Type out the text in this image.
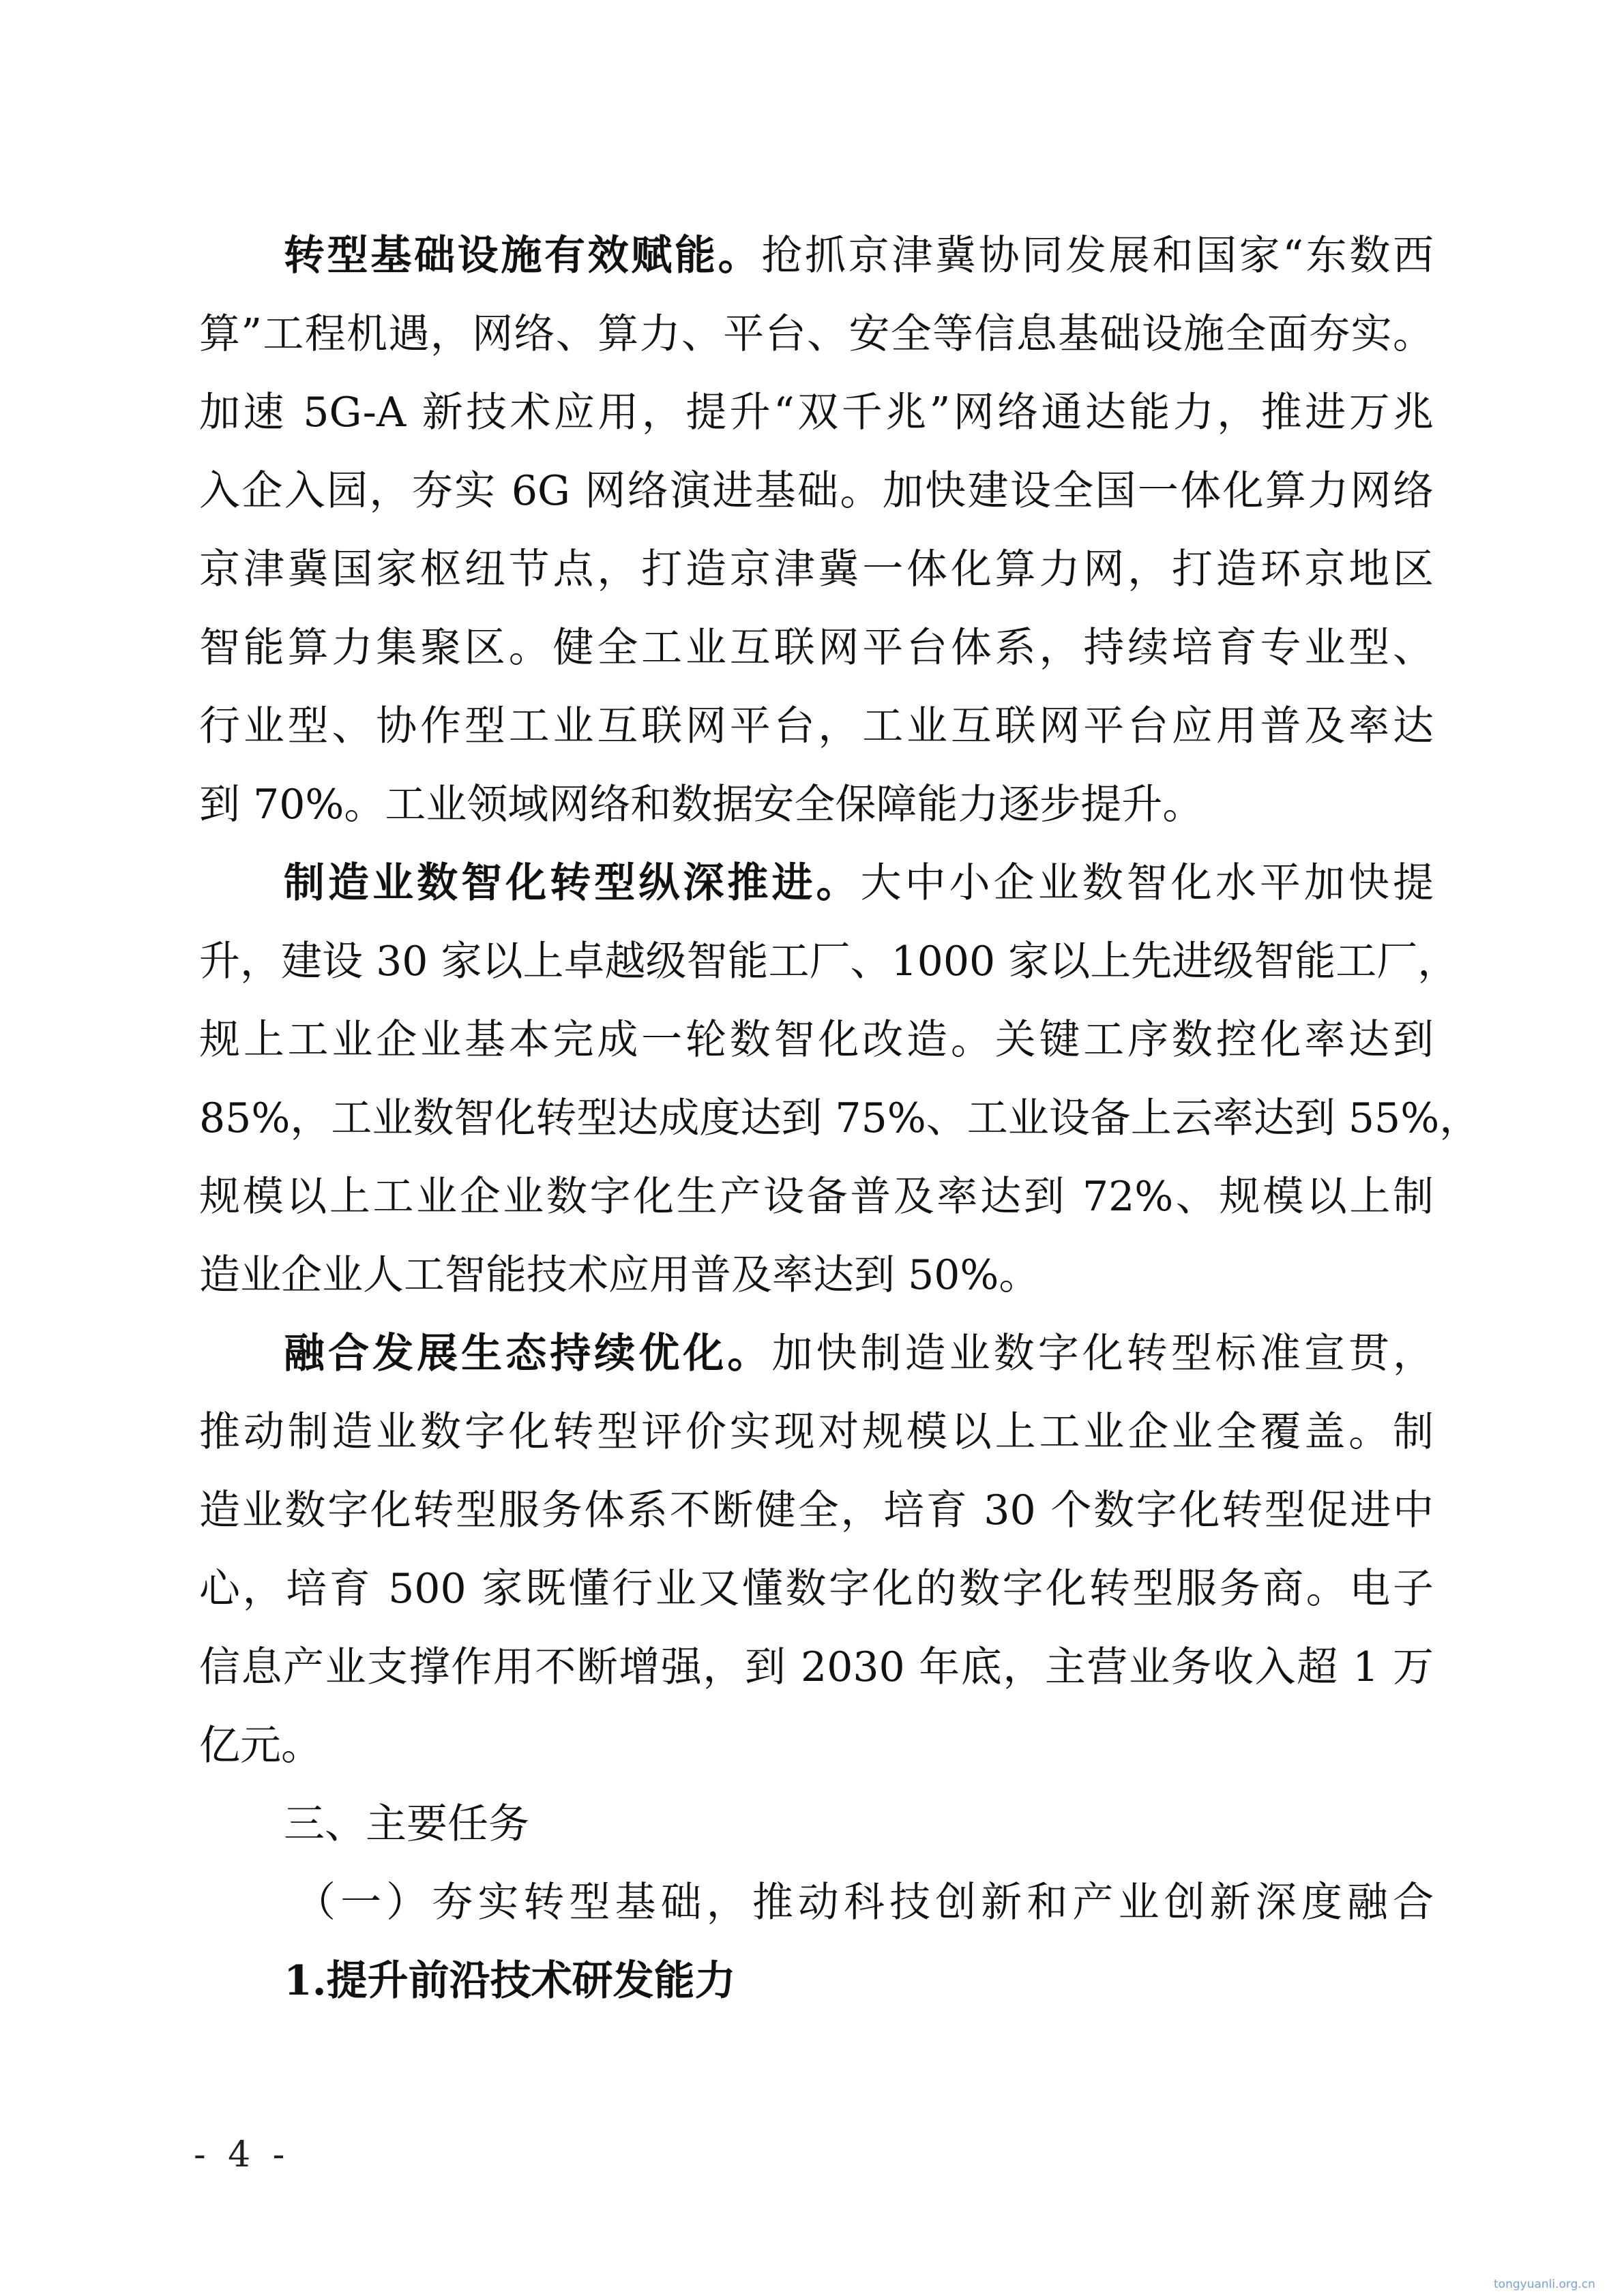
转型基础设施有效赋能。抢抓京津冀协同发展和国家“东数西
算”工程机遇，网络、算力、平台、安全等信息基础设施全面夯实。
加速 5G-A 新技术应用，提升“双千兆”网络通达能力，推进万兆
入企入园，夯实 6G 网络演进基础。加快建设全国一体化算力网络
京津冀国家枢纽节点，打造京津冀一体化算力网，打造环京地区
智能算力集聚区。健全工业互联网平台体系，持续培育专业型、
行业型、协作型工业互联网平台，工业互联网平台应用普及率达
到 70%。工业领域网络和数据安全保障能力逐步提升。
制造业数智化转型纵深推进。大中小企业数智化水平加快提
升，建设 30 家以上卓越级智能工厂、1000 家以上先进级智能工厂，
规上工业企业基本完成一轮数智化改造。关键工序数控化率达到
85%，工业数智化转型达成度达到 75%、工业设备上云率达到 55%，
规模以上工业企业数字化生产设备普及率达到 72%、规模以上制
造业企业人工智能技术应用普及率达到 50%。
融合发展生态持续优化。加快制造业数字化转型标准宣贯，
推动制造业数字化转型评价实现对规模以上工业企业全覆盖。制
造业数字化转型服务体系不断健全，培育 30 个数字化转型促进中
心，培育 500 家既懂行业又懂数字化的数字化转型服务商。电子
信息产业支撑作用不断增强，到 2030 年底，主营业务收入超 1 万
亿元。
三、主要任务
（一）夯实转型基础，推动科技创新和产业创新深度融合
1.提升前沿技术研发能力
- 4 -
tongyuanli.org.cn
